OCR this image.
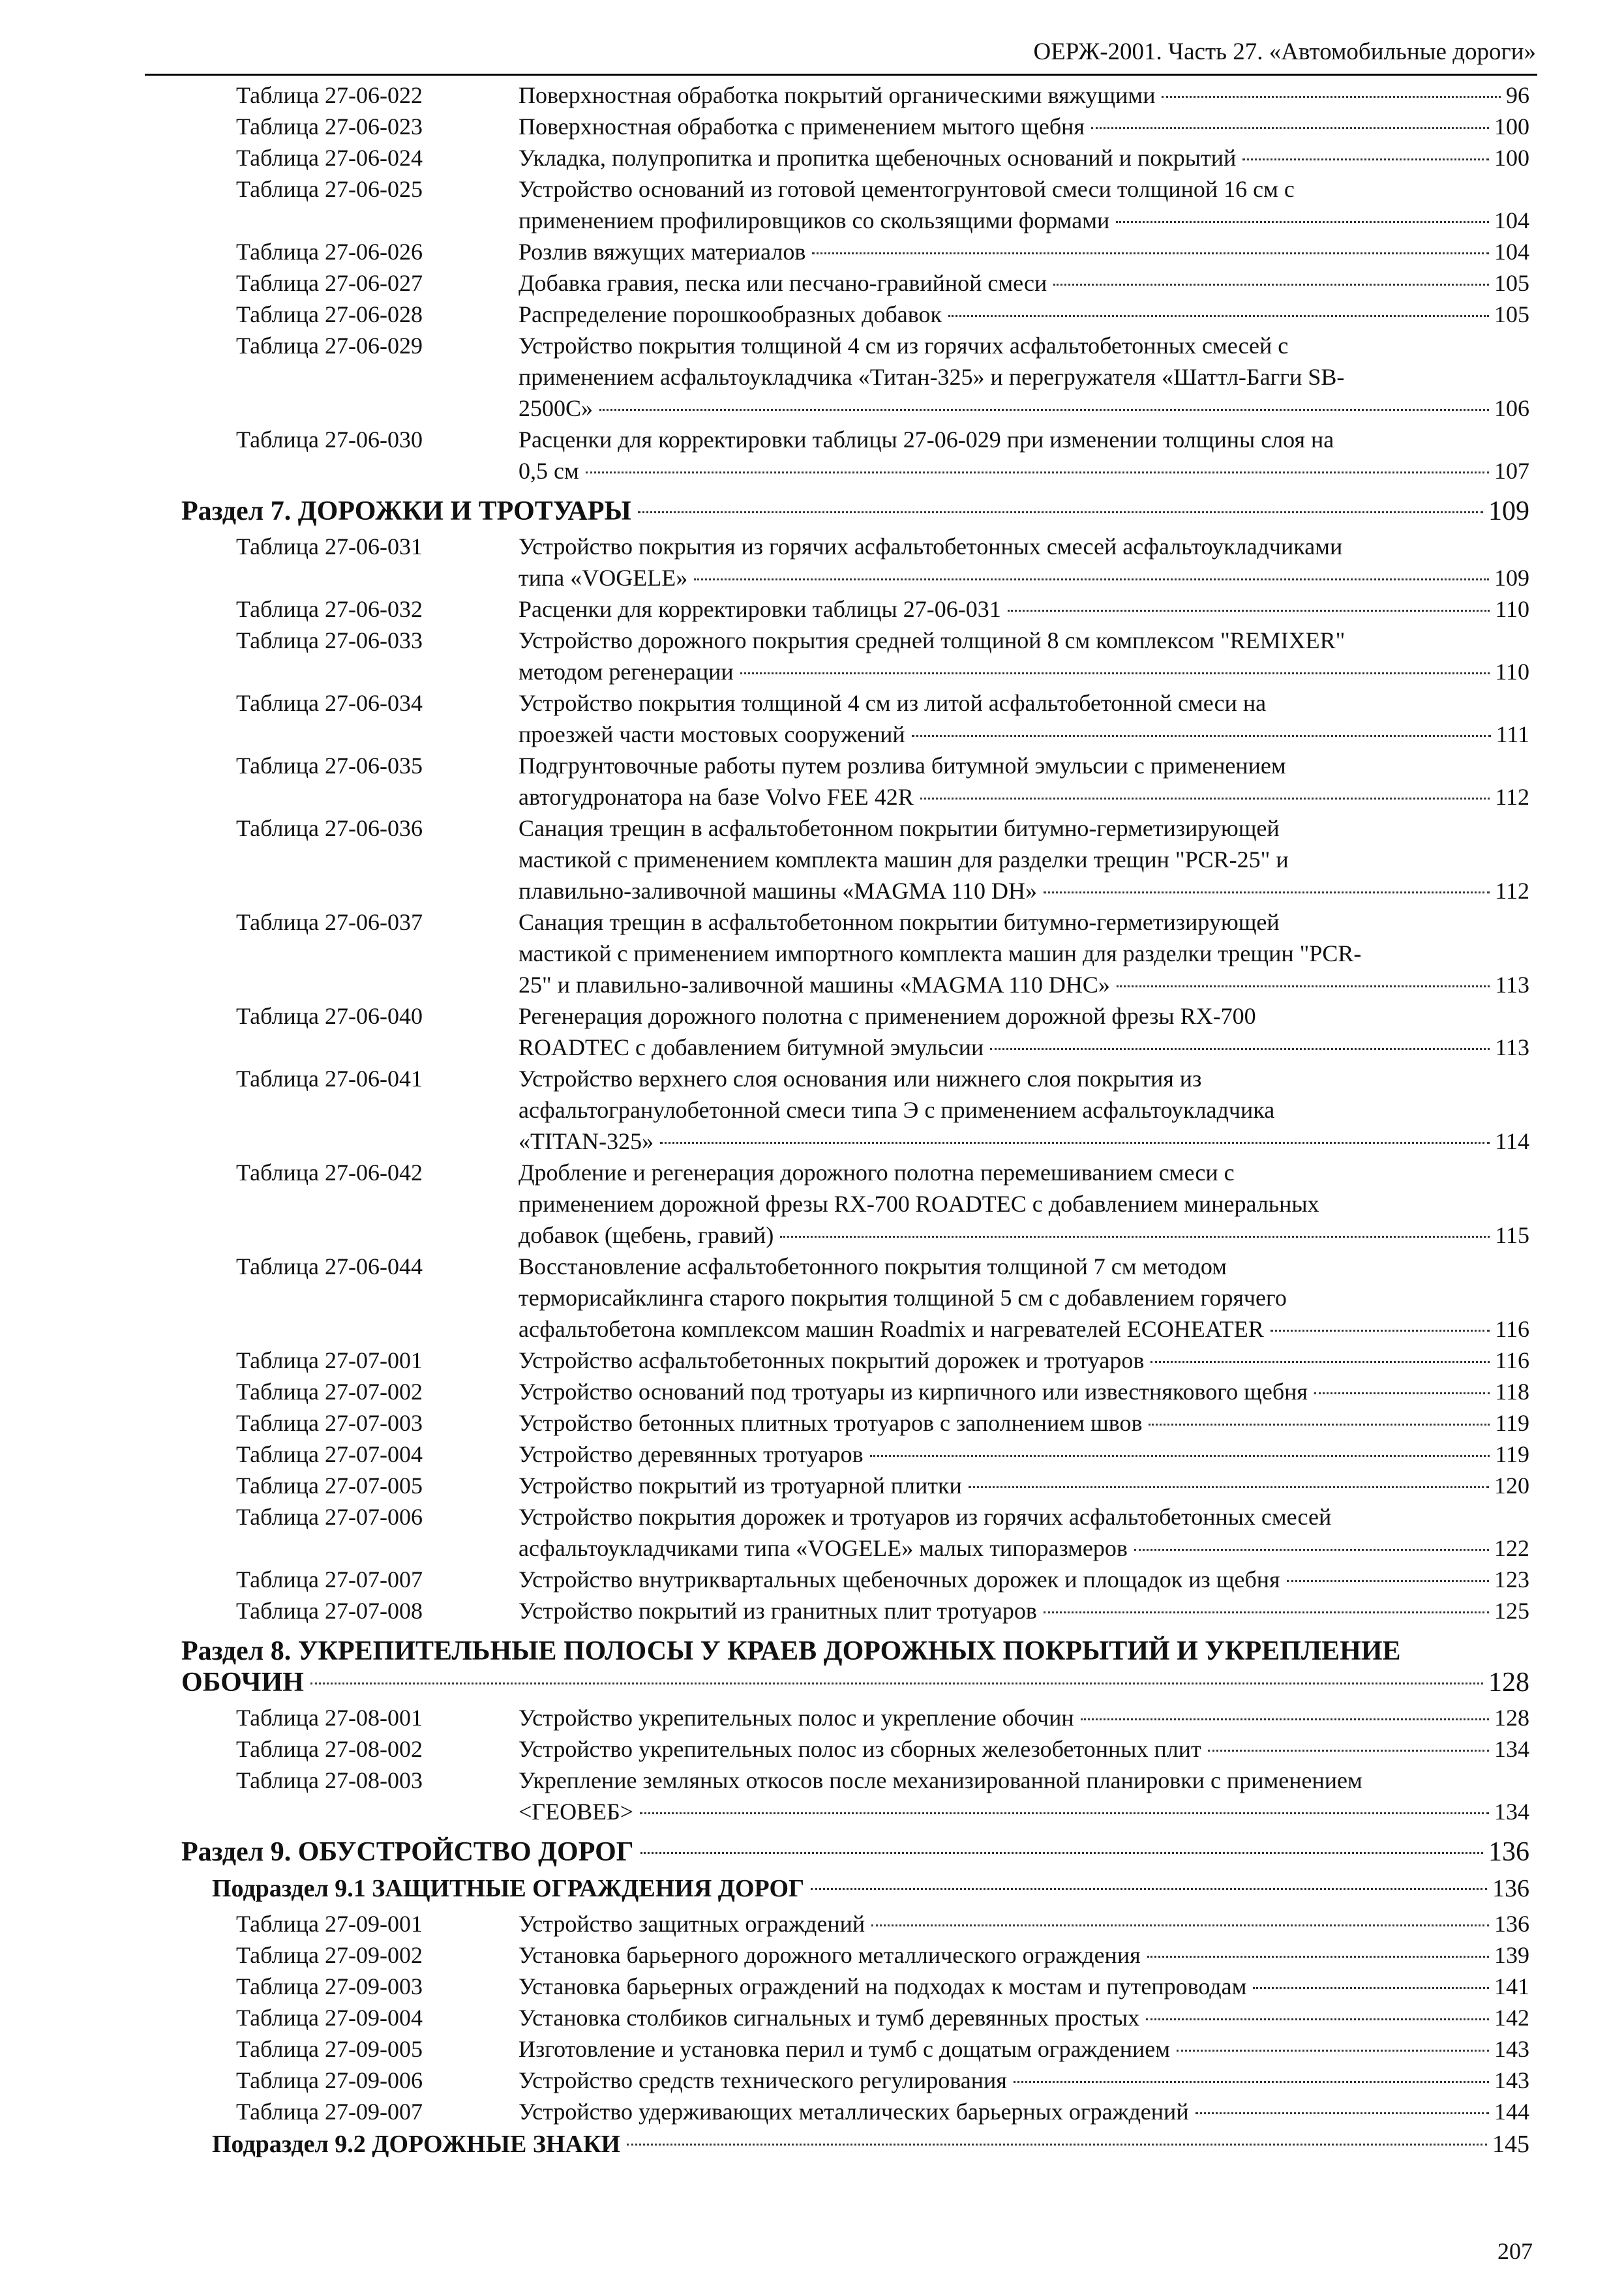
ОЕРЖ-2001. Часть 27. «Автомобильные дороги»
Таблица 27-06-022	Поверхностная обработка покрытий органическими вяжущими	96
Таблица 27-06-023	Поверхностная обработка с применением мытого щебня	100
Таблица 27-06-024	Укладка, полупропитка и пропитка щебеночных оснований и покрытий	100
Таблица 27-06-025	Устройство оснований из готовой цементогрунтовой смеси толщиной 16 см с
применением профилировщиков со скользящими формами	104
Таблица 27-06-026	Розлив вяжущих материалов	104
Таблица 27-06-027	Добавка гравия, песка или песчано-гравийной смеси	105
Таблица 27-06-028	Распределение порошкообразных добавок	105
Таблица 27-06-029	Устройство покрытия толщиной 4 см из горячих асфальтобетонных смесей с
применением асфальтоукладчика «Титан-325» и перегружателя «Шаттл-Багги SB-
2500С»	106
Таблица 27-06-030	Расценки для корректировки таблицы 27-06-029 при изменении толщины слоя на
0,5 см	107
Раздел 7. ДОРОЖКИ И ТРОТУАРЫ	109
Таблица 27-06-031	Устройство покрытия из горячих асфальтобетонных смесей асфальтоукладчиками
типа «VOGELE»	109
Таблица 27-06-032	Расценки для корректировки таблицы 27-06-031	110
Таблица 27-06-033	Устройство дорожного покрытия средней толщиной 8 см комплексом "REMIXER"
методом регенерации	110
Таблица 27-06-034	Устройство покрытия толщиной 4 см из литой асфальтобетонной смеси на
проезжей части мостовых сооружений	111
Таблица 27-06-035	Подгрунтовочные работы путем розлива битумной эмульсии с применением
автогудронатора на базе Volvo FEE 42R	112
Таблица 27-06-036	Санация трещин в асфальтобетонном покрытии битумно-герметизирующей
мастикой с применением комплекта машин для разделки трещин "PCR-25" и
плавильно-заливочной машины «MAGMA 110 DH»	112
Таблица 27-06-037	Санация трещин в асфальтобетонном покрытии битумно-герметизирующей
мастикой с применением импортного комплекта машин для разделки трещин "PCR-
25" и плавильно-заливочной машины «MAGMA 110 DHC»	113
Таблица 27-06-040	Регенерация дорожного полотна с применением дорожной фрезы RX-700
ROADTEC с добавлением битумной эмульсии	113
Таблица 27-06-041	Устройство верхнего слоя основания или нижнего слоя покрытия из
асфальтогранулобетонной смеси типа Э с применением асфальтоукладчика
«TITAN-325»	114
Таблица 27-06-042	Дробление и регенерация дорожного полотна перемешиванием смеси с
применением дорожной фрезы RX-700 ROADTEC с добавлением минеральных
добавок (щебень, гравий)	115
Таблица 27-06-044	Восстановление асфальтобетонного покрытия толщиной 7 см методом
терморисайклинга старого покрытия толщиной 5 см с добавлением горячего
асфальтобетона комплексом машин Roadmix и нагревателей ECOHEATER	116
Таблица 27-07-001	Устройство асфальтобетонных покрытий дорожек и тротуаров	116
Таблица 27-07-002	Устройство оснований под тротуары из кирпичного или известнякового щебня	118
Таблица 27-07-003	Устройство бетонных плитных тротуаров с заполнением швов	119
Таблица 27-07-004	Устройство деревянных тротуаров	119
Таблица 27-07-005	Устройство покрытий из тротуарной плитки	120
Таблица 27-07-006	Устройство покрытия дорожек и тротуаров из горячих асфальтобетонных смесей
асфальтоукладчиками типа «VOGELE» малых типоразмеров	122
Таблица 27-07-007	Устройство внутриквартальных щебеночных дорожек и площадок из щебня	123
Таблица 27-07-008	Устройство покрытий из гранитных плит тротуаров	125
Раздел 8. УКРЕПИТЕЛЬНЫЕ ПОЛОСЫ У КРАЕВ ДОРОЖНЫХ ПОКРЫТИЙ И УКРЕПЛЕНИЕ
ОБОЧИН	128
Таблица 27-08-001	Устройство укрепительных полос и укрепление обочин	128
Таблица 27-08-002	Устройство укрепительных полос из сборных железобетонных плит	134
Таблица 27-08-003	Укрепление земляных откосов после механизированной планировки с применением
<ГЕОВЕБ>	134
Раздел 9. ОБУСТРОЙСТВО ДОРОГ	136
Подраздел 9.1 ЗАЩИТНЫЕ ОГРАЖДЕНИЯ ДОРОГ	136
Таблица 27-09-001	Устройство защитных ограждений	136
Таблица 27-09-002	Установка барьерного дорожного металлического ограждения	139
Таблица 27-09-003	Установка барьерных ограждений на подходах к мостам и путепроводам	141
Таблица 27-09-004	Установка столбиков сигнальных и тумб деревянных простых	142
Таблица 27-09-005	Изготовление и установка перил и тумб с дощатым ограждением	143
Таблица 27-09-006	Устройство средств технического регулирования	143
Таблица 27-09-007	Устройство удерживающих металлических барьерных ограждений	144
Подраздел 9.2 ДОРОЖНЫЕ ЗНАКИ	145
207
